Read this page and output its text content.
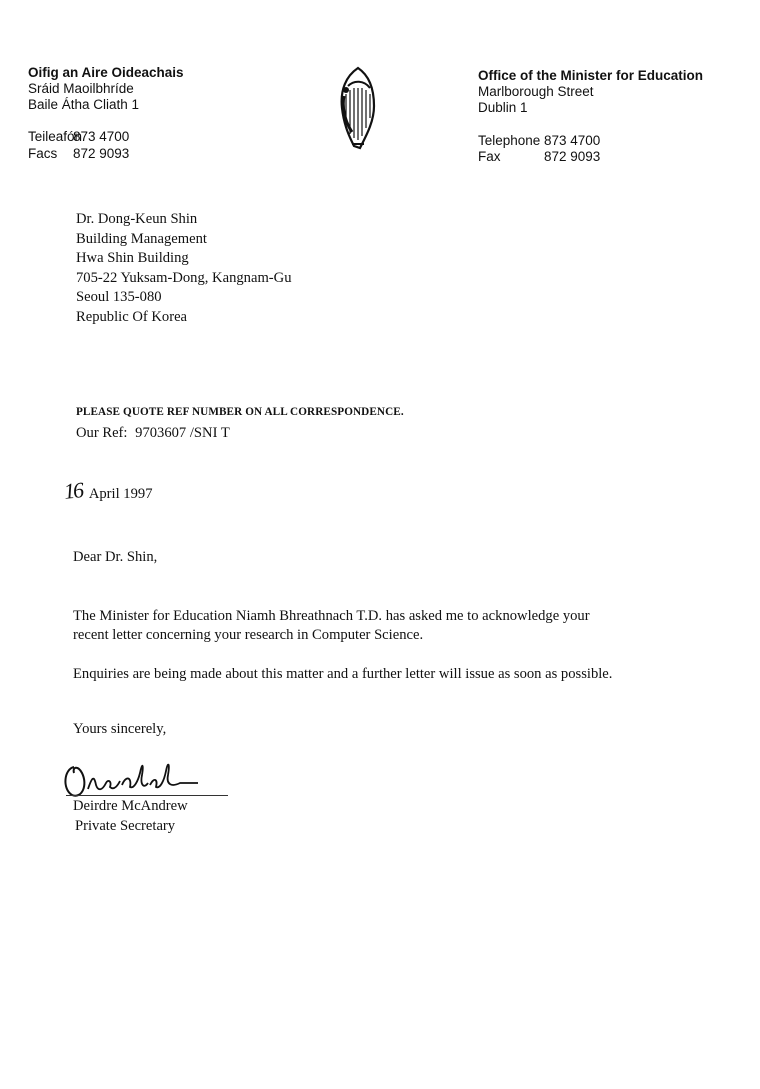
Oifig an Aire Oideachais
Sráid Maoilbhríde
Baile Átha Cliath 1
Teileafón
873 4700
Facs	872 9093
Office of the Minister for Education
Marlborough Street
Dublin 1
Telephone 873 4700
Fax	872 9093
Dr. Dong-Keun Shin
Building Management
Hwa Shin Building
705-22 Yuksam-Dong, Kangnam-Gu
Seoul 135-080
Republic Of Korea
PLEASE QUOTE REF NUMBER ON ALL CORRESPONDENCE.
Our Ref: 9703607 /SNI T
16 April 1997
Dear Dr. Shin,
The Minister for Education Niamh Bhreathnach T.D. has asked me to acknowledge your
recent letter concerning your research in Computer Science.
Enquiries are being made about this matter and a further letter will issue as soon as possible.
Yours sincerely,
Deirdre McAndrew
Private Secretary
